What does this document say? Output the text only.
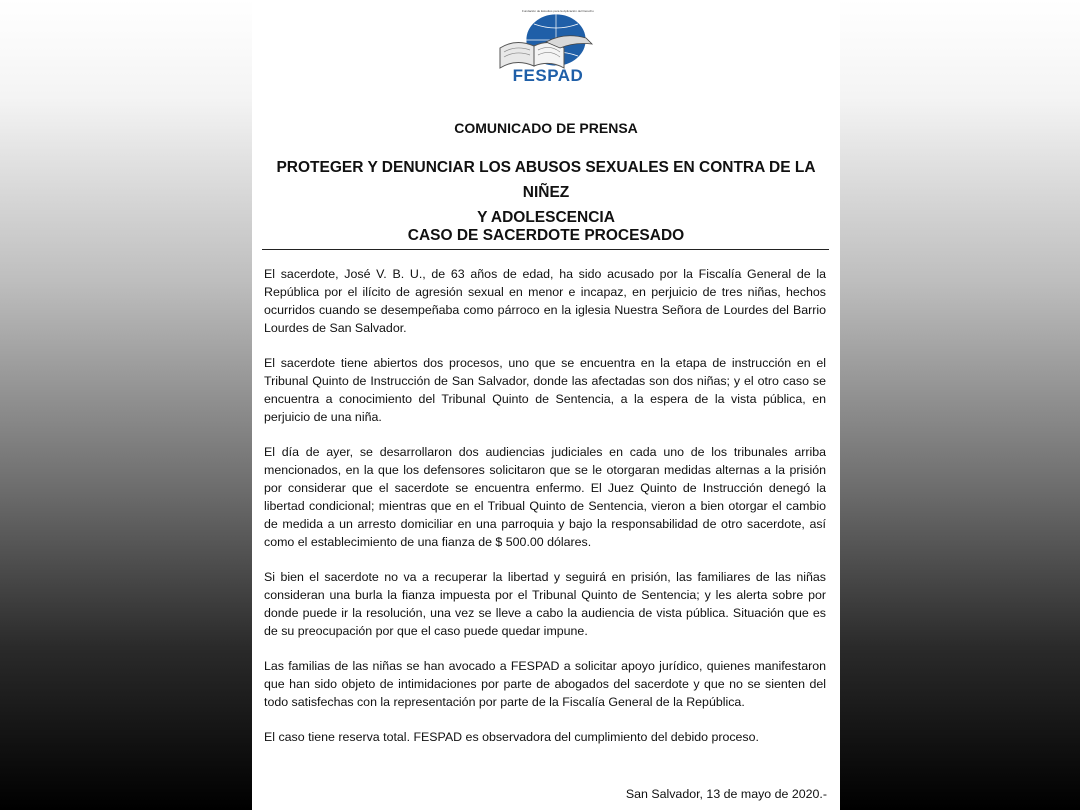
Fundación de Estudios para la Aplicación del Derecho
FESPAD
COMUNICADO DE PRENSA
PROTEGER Y DENUNCIAR LOS ABUSOS SEXUALES EN CONTRA DE LA NIÑEZ
Y ADOLESCENCIA
CASO DE SACERDOTE PROCESADO

El sacerdote, José V. B. U., de 63 años de edad, ha sido acusado por la Fiscalía General de la República por el ilícito de agresión sexual en menor e incapaz, en perjuicio de tres niñas, hechos ocurridos cuando se desempeñaba como párroco en la iglesia Nuestra Señora de Lourdes del Barrio Lourdes de San Salvador.

El sacerdote tiene abiertos dos procesos, uno que se encuentra en la etapa de instrucción en el Tribunal Quinto de Instrucción de San Salvador, donde las afectadas son dos niñas; y el otro caso se encuentra a conocimiento del Tribunal Quinto de Sentencia, a la espera de la vista pública, en perjuicio de una niña.

El día de ayer, se desarrollaron dos audiencias judiciales en cada uno de los tribunales arriba mencionados, en la que los defensores solicitaron que se le otorgaran medidas alternas a la prisión por considerar que el sacerdote se encuentra enfermo. El Juez Quinto de Instrucción denegó la libertad condicional; mientras que en el Tribual Quinto de Sentencia, vieron a bien otorgar el cambio de medida a un arresto domiciliar en una parroquia y bajo la responsabilidad de otro sacerdote, así como el establecimiento de una fianza de $ 500.00 dólares.

Si bien el sacerdote no va a recuperar la libertad y seguirá en prisión, las familiares de las niñas consideran una burla la fianza impuesta por el Tribunal Quinto de Sentencia; y les alerta sobre por donde puede ir la resolución, una vez se lleve a cabo la audiencia de vista pública. Situación que es de su preocupación por que el caso puede quedar impune.

Las familias de las niñas se han avocado a FESPAD a solicitar apoyo jurídico, quienes manifestaron que han sido objeto de intimidaciones por parte de abogados del sacerdote y que no se sienten del todo satisfechas con la representación por parte de la Fiscalía General de la República.

El caso tiene reserva total. FESPAD es observadora del cumplimiento del debido proceso.

San Salvador, 13 de mayo de 2020.-
